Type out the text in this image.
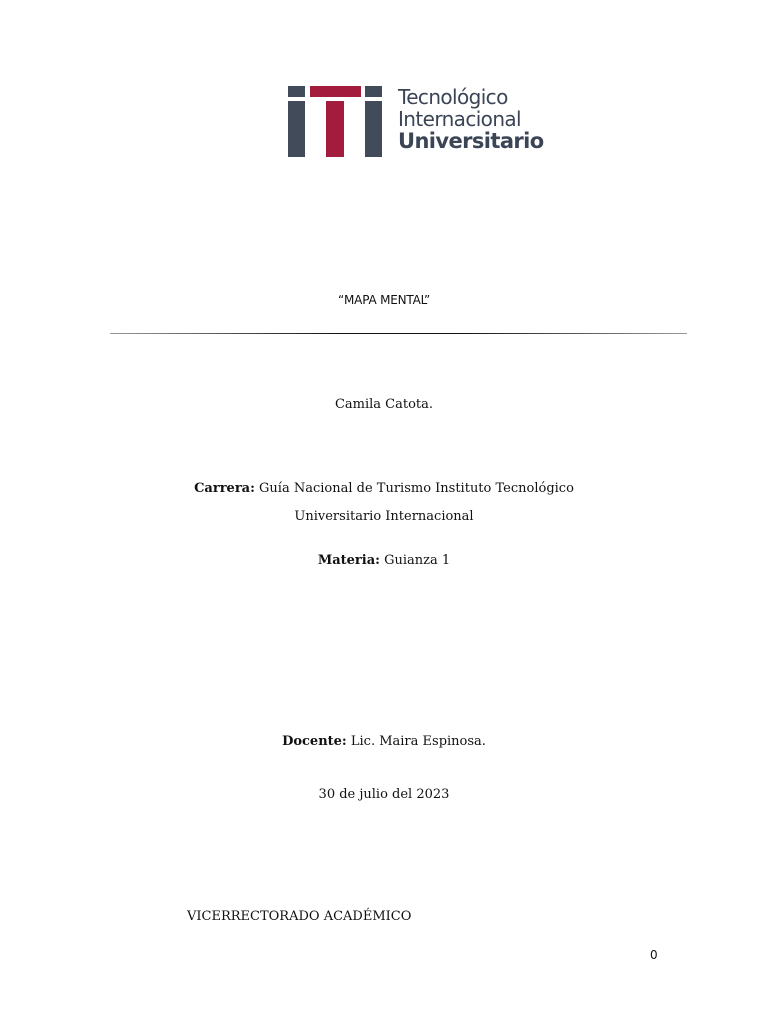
Tecnológico
Internacional
Universitario
“MAPA MENTAL”
Camila Catota.
Carrera: Guía Nacional de Turismo Instituto Tecnológico Universitario Internacional
Materia: Guianza 1
Docente: Lic. Maira Espinosa.
30 de julio del 2023
VICERRECTORADO ACADÉMICO
0
